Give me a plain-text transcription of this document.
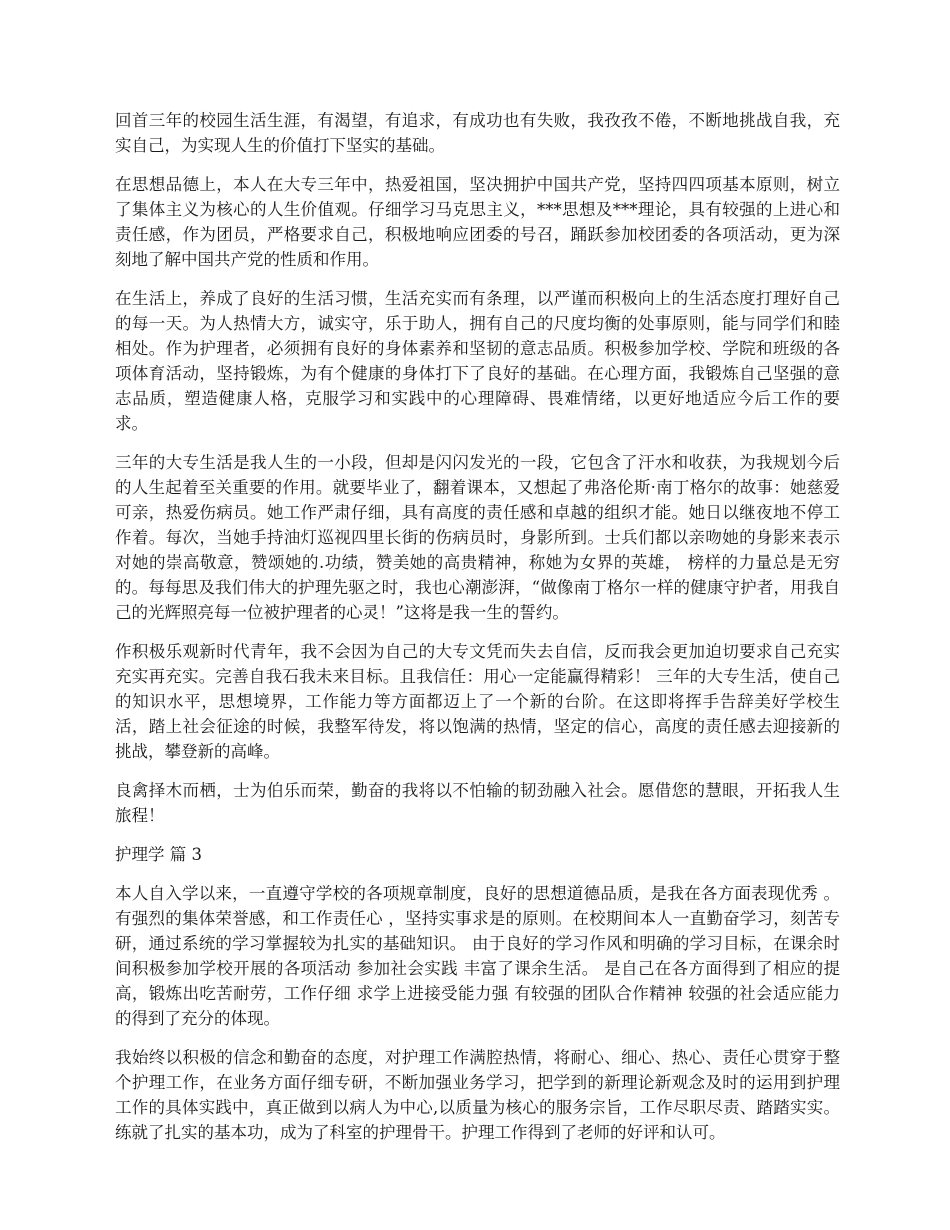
回首三年的校园生活生涯，有渴望，有追求，有成功也有失败，我孜孜不倦，不断地挑战自我，充实自己，为实现人生的价值打下坚实的基础。

在思想品德上，本人在大专三年中，热爱祖国，坚决拥护中国共产党，坚持四四项基本原则，树立了集体主义为核心的人生价值观。仔细学习马克思主义，***思想及***理论，具有较强的上进心和责任感，作为团员，严格要求自己，积极地响应团委的号召，踊跃参加校团委的各项活动，更为深刻地了解中国共产党的性质和作用。

在生活上，养成了良好的生活习惯，生活充实而有条理，以严谨而积极向上的生活态度打理好自己的每一天。为人热情大方，诚实守，乐于助人，拥有自己的尺度均衡的处事原则，能与同学们和睦相处。作为护理者，必须拥有良好的身体素养和坚韧的意志品质。积极参加学校、学院和班级的各项体育活动，坚持锻炼，为有个健康的身体打下了良好的基础。在心理方面，我锻炼自己坚强的意志品质，塑造健康人格，克服学习和实践中的心理障碍、畏难情绪，以更好地适应今后工作的要求。

三年的大专生活是我人生的一小段，但却是闪闪发光的一段，它包含了汗水和收获，为我规划今后的人生起着至关重要的作用。就要毕业了，翻着课本，又想起了弗洛伦斯·南丁格尔的故事：她慈爱可亲，热爱伤病员。她工作严肃仔细，具有高度的责任感和卓越的组织才能。她日以继夜地不停工作着。每次，当她手持油灯巡视四里长街的伤病员时，身影所到。士兵们都以亲吻她的身影来表示对她的崇高敬意，赞颂她的.功绩，赞美她的高贵精神，称她为女界的英雄， 榜样的力量总是无穷的。每每思及我们伟大的护理先驱之时，我也心潮澎湃，“做像南丁格尔一样的健康守护者，用我自己的光辉照亮每一位被护理者的心灵！”这将是我一生的誓约。

作积极乐观新时代青年，我不会因为自己的大专文凭而失去自信，反而我会更加迫切要求自己充实充实再充实。完善自我石我未来目标。且我信任：用心一定能赢得精彩！ 三年的大专生活，使自己的知识水平，思想境界，工作能力等方面都迈上了一个新的台阶。在这即将挥手告辞美好学校生活，踏上社会征途的时候，我整军待发，将以饱满的热情，坚定的信心，高度的责任感去迎接新的挑战，攀登新的高峰。

良禽择木而栖，士为伯乐而荣，勤奋的我将以不怕输的韧劲融入社会。愿借您的慧眼，开拓我人生旅程！

护理学 篇 3

本人自入学以来，一直遵守学校的各项规章制度，良好的思想道德品质，是我在各方面表现优秀 。有强烈的集体荣誉感，和工作责任心 ，坚持实事求是的原则。在校期间本人一直勤奋学习，刻苦专研，通过系统的学习掌握较为扎实的基础知识。 由于良好的学习作风和明确的学习目标，在课余时间积极参加学校开展的各项活动 参加社会实践 丰富了课余生活。 是自己在各方面得到了相应的提高，锻炼出吃苦耐劳，工作仔细 求学上进接受能力强 有较强的团队合作精神 较强的社会适应能力 的得到了充分的体现。

我始终以积极的信念和勤奋的态度，对护理工作满腔热情，将耐心、细心、热心、责任心贯穿于整个护理工作，在业务方面仔细专研，不断加强业务学习，把学到的新理论新观念及时的运用到护理工作的具体实践中，真正做到以病人为中心,以质量为核心的服务宗旨，工作尽职尽责、踏踏实实。练就了扎实的基本功，成为了科室的护理骨干。护理工作得到了老师的好评和认可。
